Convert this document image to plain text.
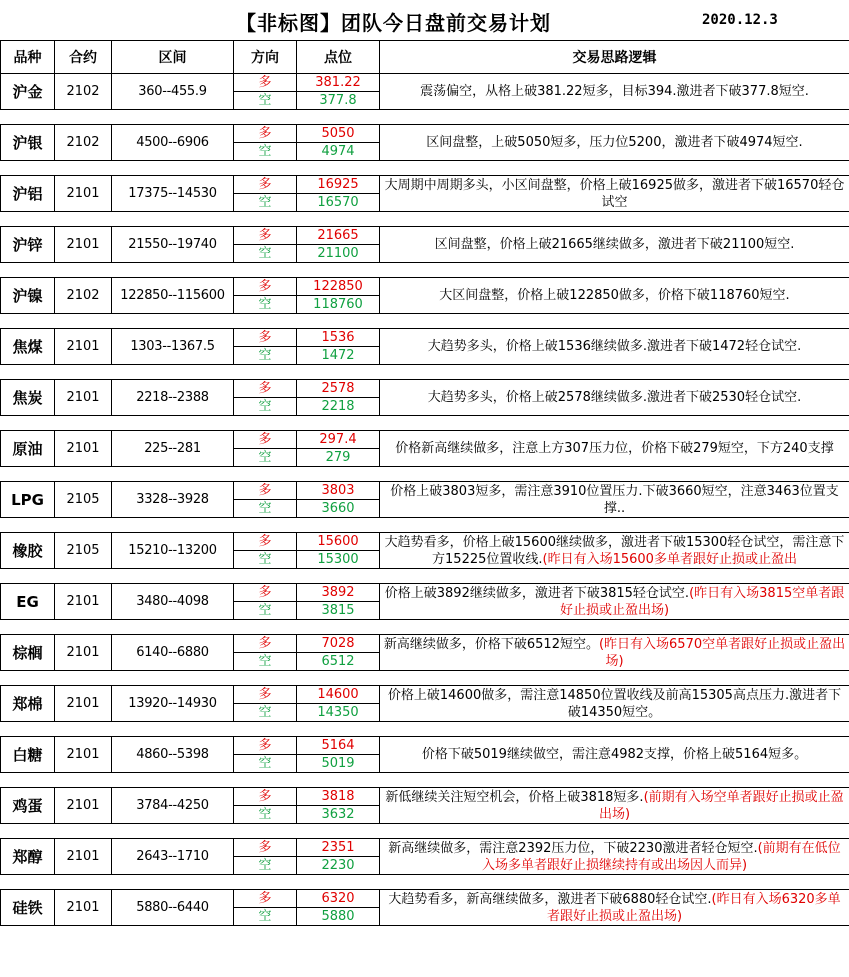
【非标图】团队今日盘前交易计划	2020.12.3
品种	合约	区间	方向	点位	交易思路逻辑
沪金	2102	360--455.9	多	381.22	震荡偏空，从格上破381.22短多，目标394.激进者下破377.8短空.
			空	377.8	

沪银	2102	4500--6906	多	5050	区间盘整，上破5050短多，压力位5200，激进者下破4974短空.
			空	4974	

沪铝	2101	17375--14530	多	16925	大周期中周期多头，小区间盘整，价格上破16925做多，激进者下破16570轻仓试空
			空	16570	

沪锌	2101	21550--19740	多	21665	区间盘整，价格上破21665继续做多，激进者下破21100短空.
			空	21100	

沪镍	2102	122850--115600	多	122850	大区间盘整，价格上破122850做多，价格下破118760短空.
			空	118760	

焦煤	2101	1303--1367.5	多	1536	大趋势多头，价格上破1536继续做多.激进者下破1472轻仓试空.
			空	1472	

焦炭	2101	2218--2388	多	2578	大趋势多头，价格上破2578继续做多.激进者下破2530轻仓试空.
			空	2218	

原油	2101	225--281	多	297.4	价格新高继续做多，注意上方307压力位，价格下破279短空，下方240支撑
			空	279	

LPG	2105	3328--3928	多	3803	价格上破3803短多，需注意3910位置压力.下破3660短空，注意3463位置支撑..
			空	3660	

橡胶	2105	15210--13200	多	15600	大趋势看多，价格上破15600继续做多，激进者下破15300轻仓试空，需注意下方15225位置收线.(昨日有入场15600多单者跟好止损或止盈出
			空	15300	

EG	2101	3480--4098	多	3892	价格上破3892继续做多，激进者下破3815轻仓试空.(昨日有入场3815空单者跟好止损或止盈出场)
			空	3815	

棕榈	2101	6140--6880	多	7028	新高继续做多，价格下破6512短空。(昨日有入场6570空单者跟好止损或止盈出场)
			空	6512	

郑棉	2101	13920--14930	多	14600	价格上破14600做多，需注意14850位置收线及前高15305高点压力.激进者下破14350短空。
			空	14350	

白糖	2101	4860--5398	多	5164	价格下破5019继续做空，需注意4982支撑，价格上破5164短多。
			空	5019	

鸡蛋	2101	3784--4250	多	3818	新低继续关注短空机会，价格上破3818短多.(前期有入场空单者跟好止损或止盈出场)
			空	3632	

郑醇	2101	2643--1710	多	2351	新高继续做多，需注意2392压力位，下破2230激进者轻仓短空.(前期有在低位入场多单者跟好止损继续持有或出场因人而异)
			空	2230	

硅铁	2101	5880--6440	多	6320	大趋势看多，新高继续做多，激进者下破6880轻仓试空.(昨日有入场6320多单者跟好止损或止盈出场)
			空	5880	
